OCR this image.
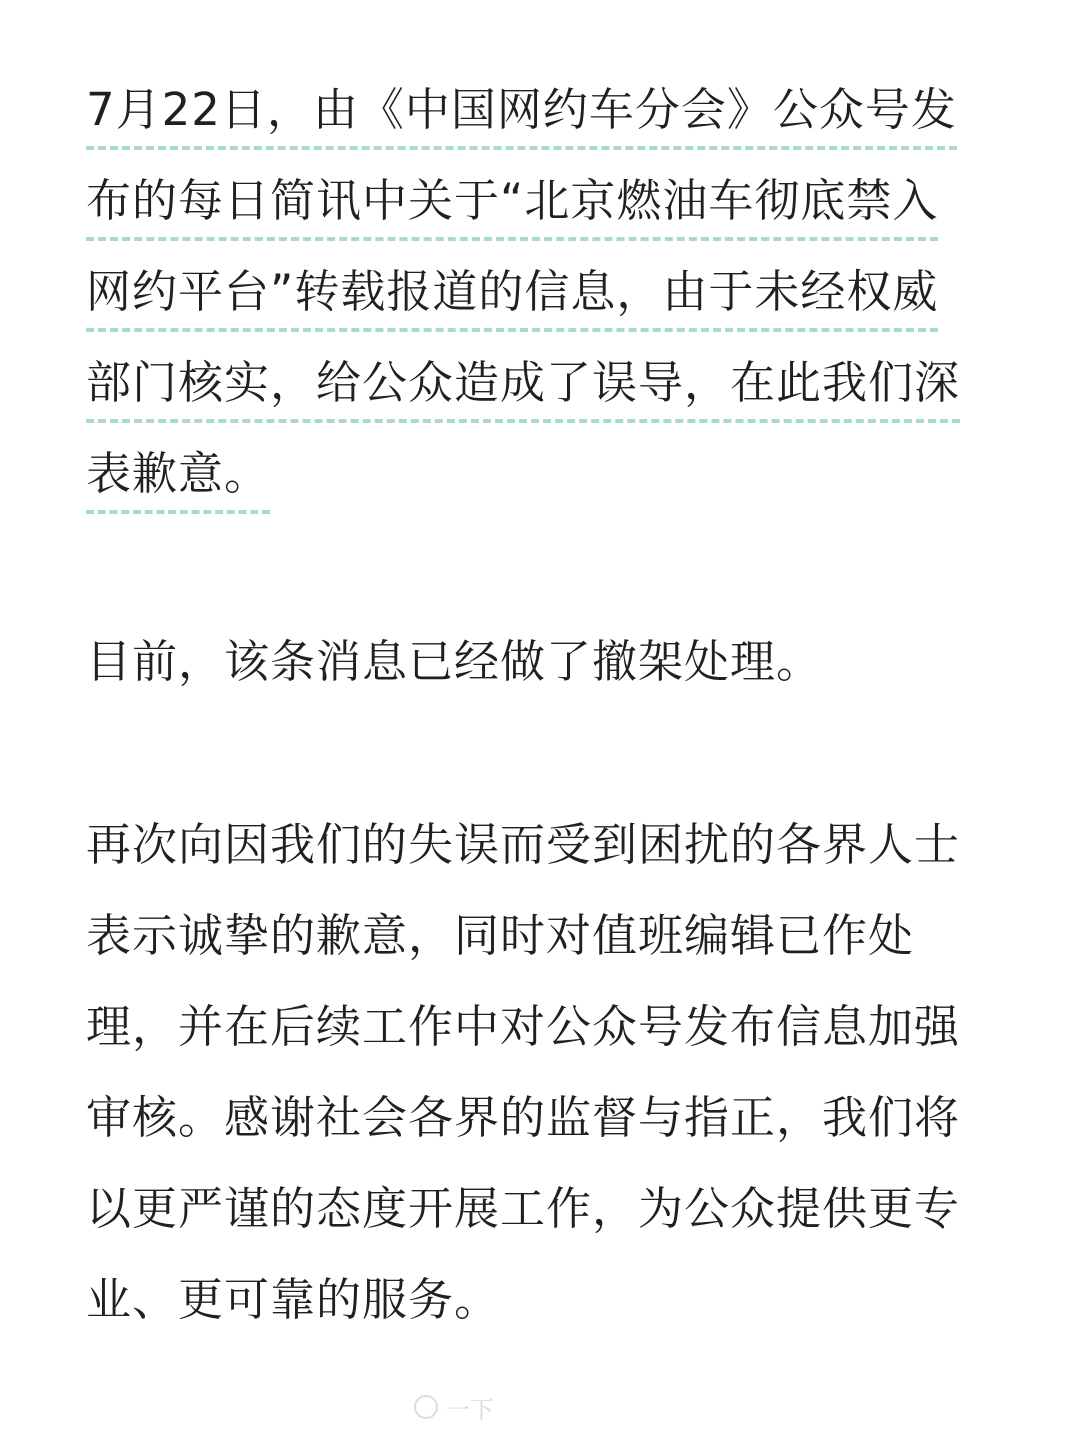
7月22日，由《中国网约车分会》公众号发
布的每日简讯中关于“北京燃油车彻底禁入
网约平台”转载报道的信息，由于未经权威
部门核实，给公众造成了误导，在此我们深
表歉意。
目前，该条消息已经做了撤架处理。
再次向因我们的失误而受到困扰的各界人士
表示诚挚的歉意，同时对值班编辑已作处
理，并在后续工作中对公众号发布信息加强
审核。感谢社会各界的监督与指正，我们将
以更严谨的态度开展工作，为公众提供更专
业、更可靠的服务。
一下
